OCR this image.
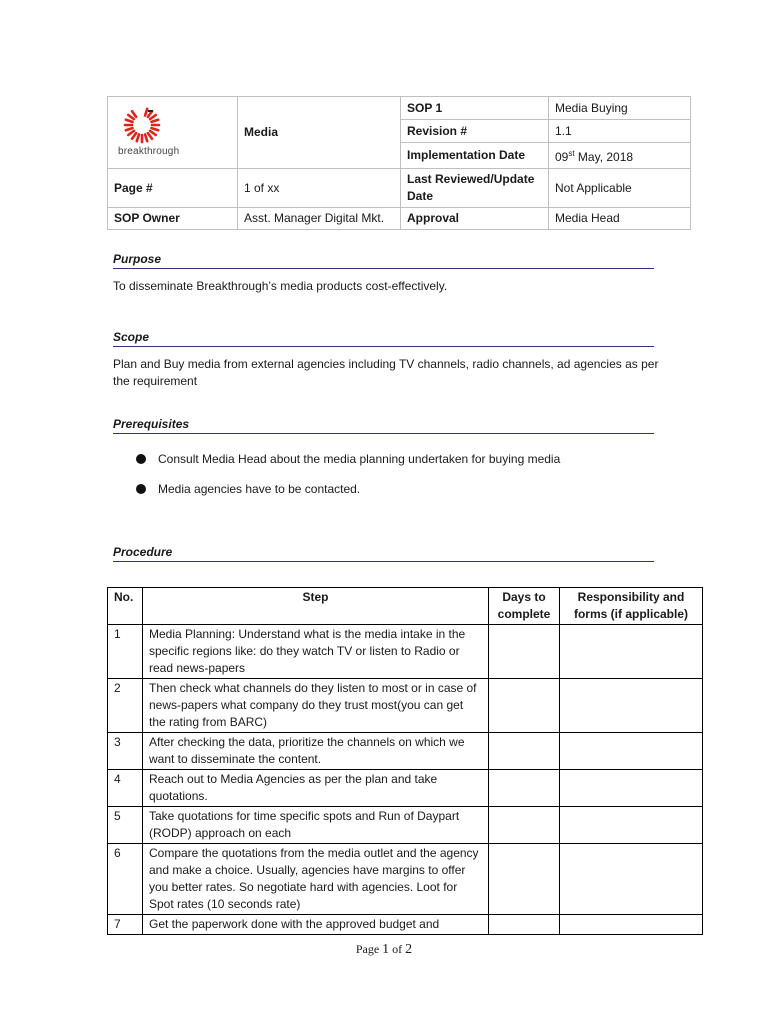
breakthrough	Media	SOP 1	Media Buying
		Revision #	1.1
		Implementation Date	09st May, 2018
Page #	1 of xx	Last Reviewed/Update Date	Not Applicable
SOP Owner	Asst. Manager Digital Mkt.	Approval	Media Head
Purpose
To disseminate Breakthrough’s media products cost-effectively.
Scope
Plan and Buy media from external agencies including TV channels, radio channels, ad agencies as per the requirement
Prerequisites
Consult Media Head about the media planning undertaken for buying media
Media agencies have to be contacted.
Procedure
No.	Step	Days to complete	Responsibility and forms (if applicable)
1	Media Planning: Understand what is the media intake in the specific regions like: do they watch TV or listen to Radio or read news-papers		
2	Then check what channels do they listen to most or in case of news-papers what company do they trust most(you can get the rating from BARC)		
3	After checking the data, prioritize the channels on which we want to disseminate the content.		
4	Reach out to Media Agencies as per the plan and take quotations.		
5	Take quotations for time specific spots and Run of Daypart (RODP) approach on each		
6	Compare the quotations from the media outlet and the agency and make a choice. Usually, agencies have margins to offer you better rates. So negotiate hard with agencies. Loot for Spot rates (10 seconds rate)		
7	Get the paperwork done with the approved budget and		
Page 1 of 2
